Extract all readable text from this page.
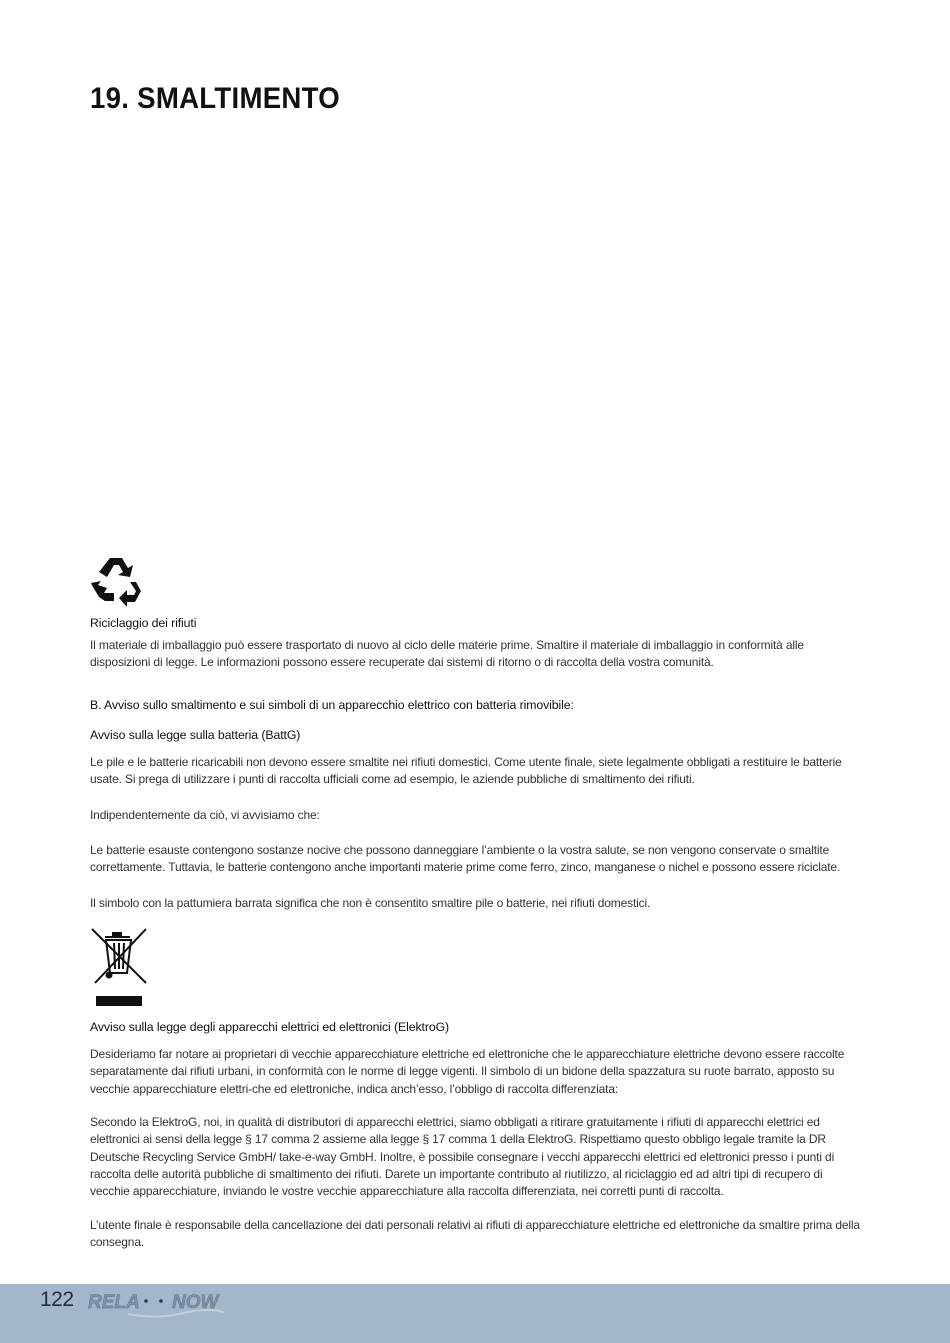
19. SMALTIMENTO

Riciclaggio dei rifiuti

Il materiale di imballaggio può essere trasportato di nuovo al ciclo delle materie prime. Smaltire il materiale di imballaggio in conformità alle disposizioni di legge. Le informazioni possono essere recuperate dai sistemi di ritorno o di raccolta della vostra comunità.

B. Avviso sullo smaltimento e sui simboli di un apparecchio elettrico con batteria rimovibile:

Avviso sulla legge sulla batteria (BattG)

Le pile e le batterie ricaricabili non devono essere smaltite nei rifiuti domestici. Come utente finale, siete legalmente obbligati a restituire le batterie usate. Si prega di utilizzare i punti di raccolta ufficiali come ad esempio, le aziende pubbliche di smaltimento dei rifiuti.

Indipendentemente da ciò, vi avvisiamo che:

Le batterie esauste contengono sostanze nocive che possono danneggiare l’ambiente o la vostra salute, se non vengono conservate o smaltite correttamente. Tuttavia, le batterie contengono anche importanti materie prime come ferro, zinco, manganese o nichel e possono essere riciclate.

Il simbolo con la pattumiera barrata significa che non è consentito smaltire pile o batterie, nei rifiuti domestici.

Avviso sulla legge degli apparecchi elettrici ed elettronici (ElektroG)

Desideriamo far notare ai proprietari di vecchie apparecchiature elettriche ed elettroniche che le apparecchiature elettriche devono essere raccolte separatamente dai rifiuti urbani, in conformità con le norme di legge vigenti. Il simbolo di un bidone della spazzatura su ruote barrato, apposto su vecchie apparecchiature elettri-che ed elettroniche, indica anch’esso, l’obbligo di raccolta differenziata:

Secondo la ElektroG, noi, in qualità di distributori di apparecchi elettrici, siamo obbligati a ritirare gratuitamente i rifiuti di apparecchi elettrici ed elettronici ai sensi della legge § 17 comma 2 assieme alla legge § 17 comma 1 della ElektroG. Rispettiamo questo obbligo legale tramite la DR Deutsche Recycling Service GmbH/ take-e-way GmbH. Inoltre, è possibile consegnare i vecchi apparecchi elettrici ed elettronici presso i punti di raccolta delle autorità pubbliche di smaltimento dei rifiuti. Darete un importante contributo al riutilizzo, al riciclaggio ed ad altri tipi di recupero di vecchie apparecchiature, inviando le vostre vecchie apparecchiature alla raccolta differenziata, nei corretti punti di raccolta.

L’utente finale è responsabile della cancellazione dei dati personali relativi ai rifiuti di apparecchiature elettriche ed elettroniche da smaltire prima della consegna.

122 RELA NOW
